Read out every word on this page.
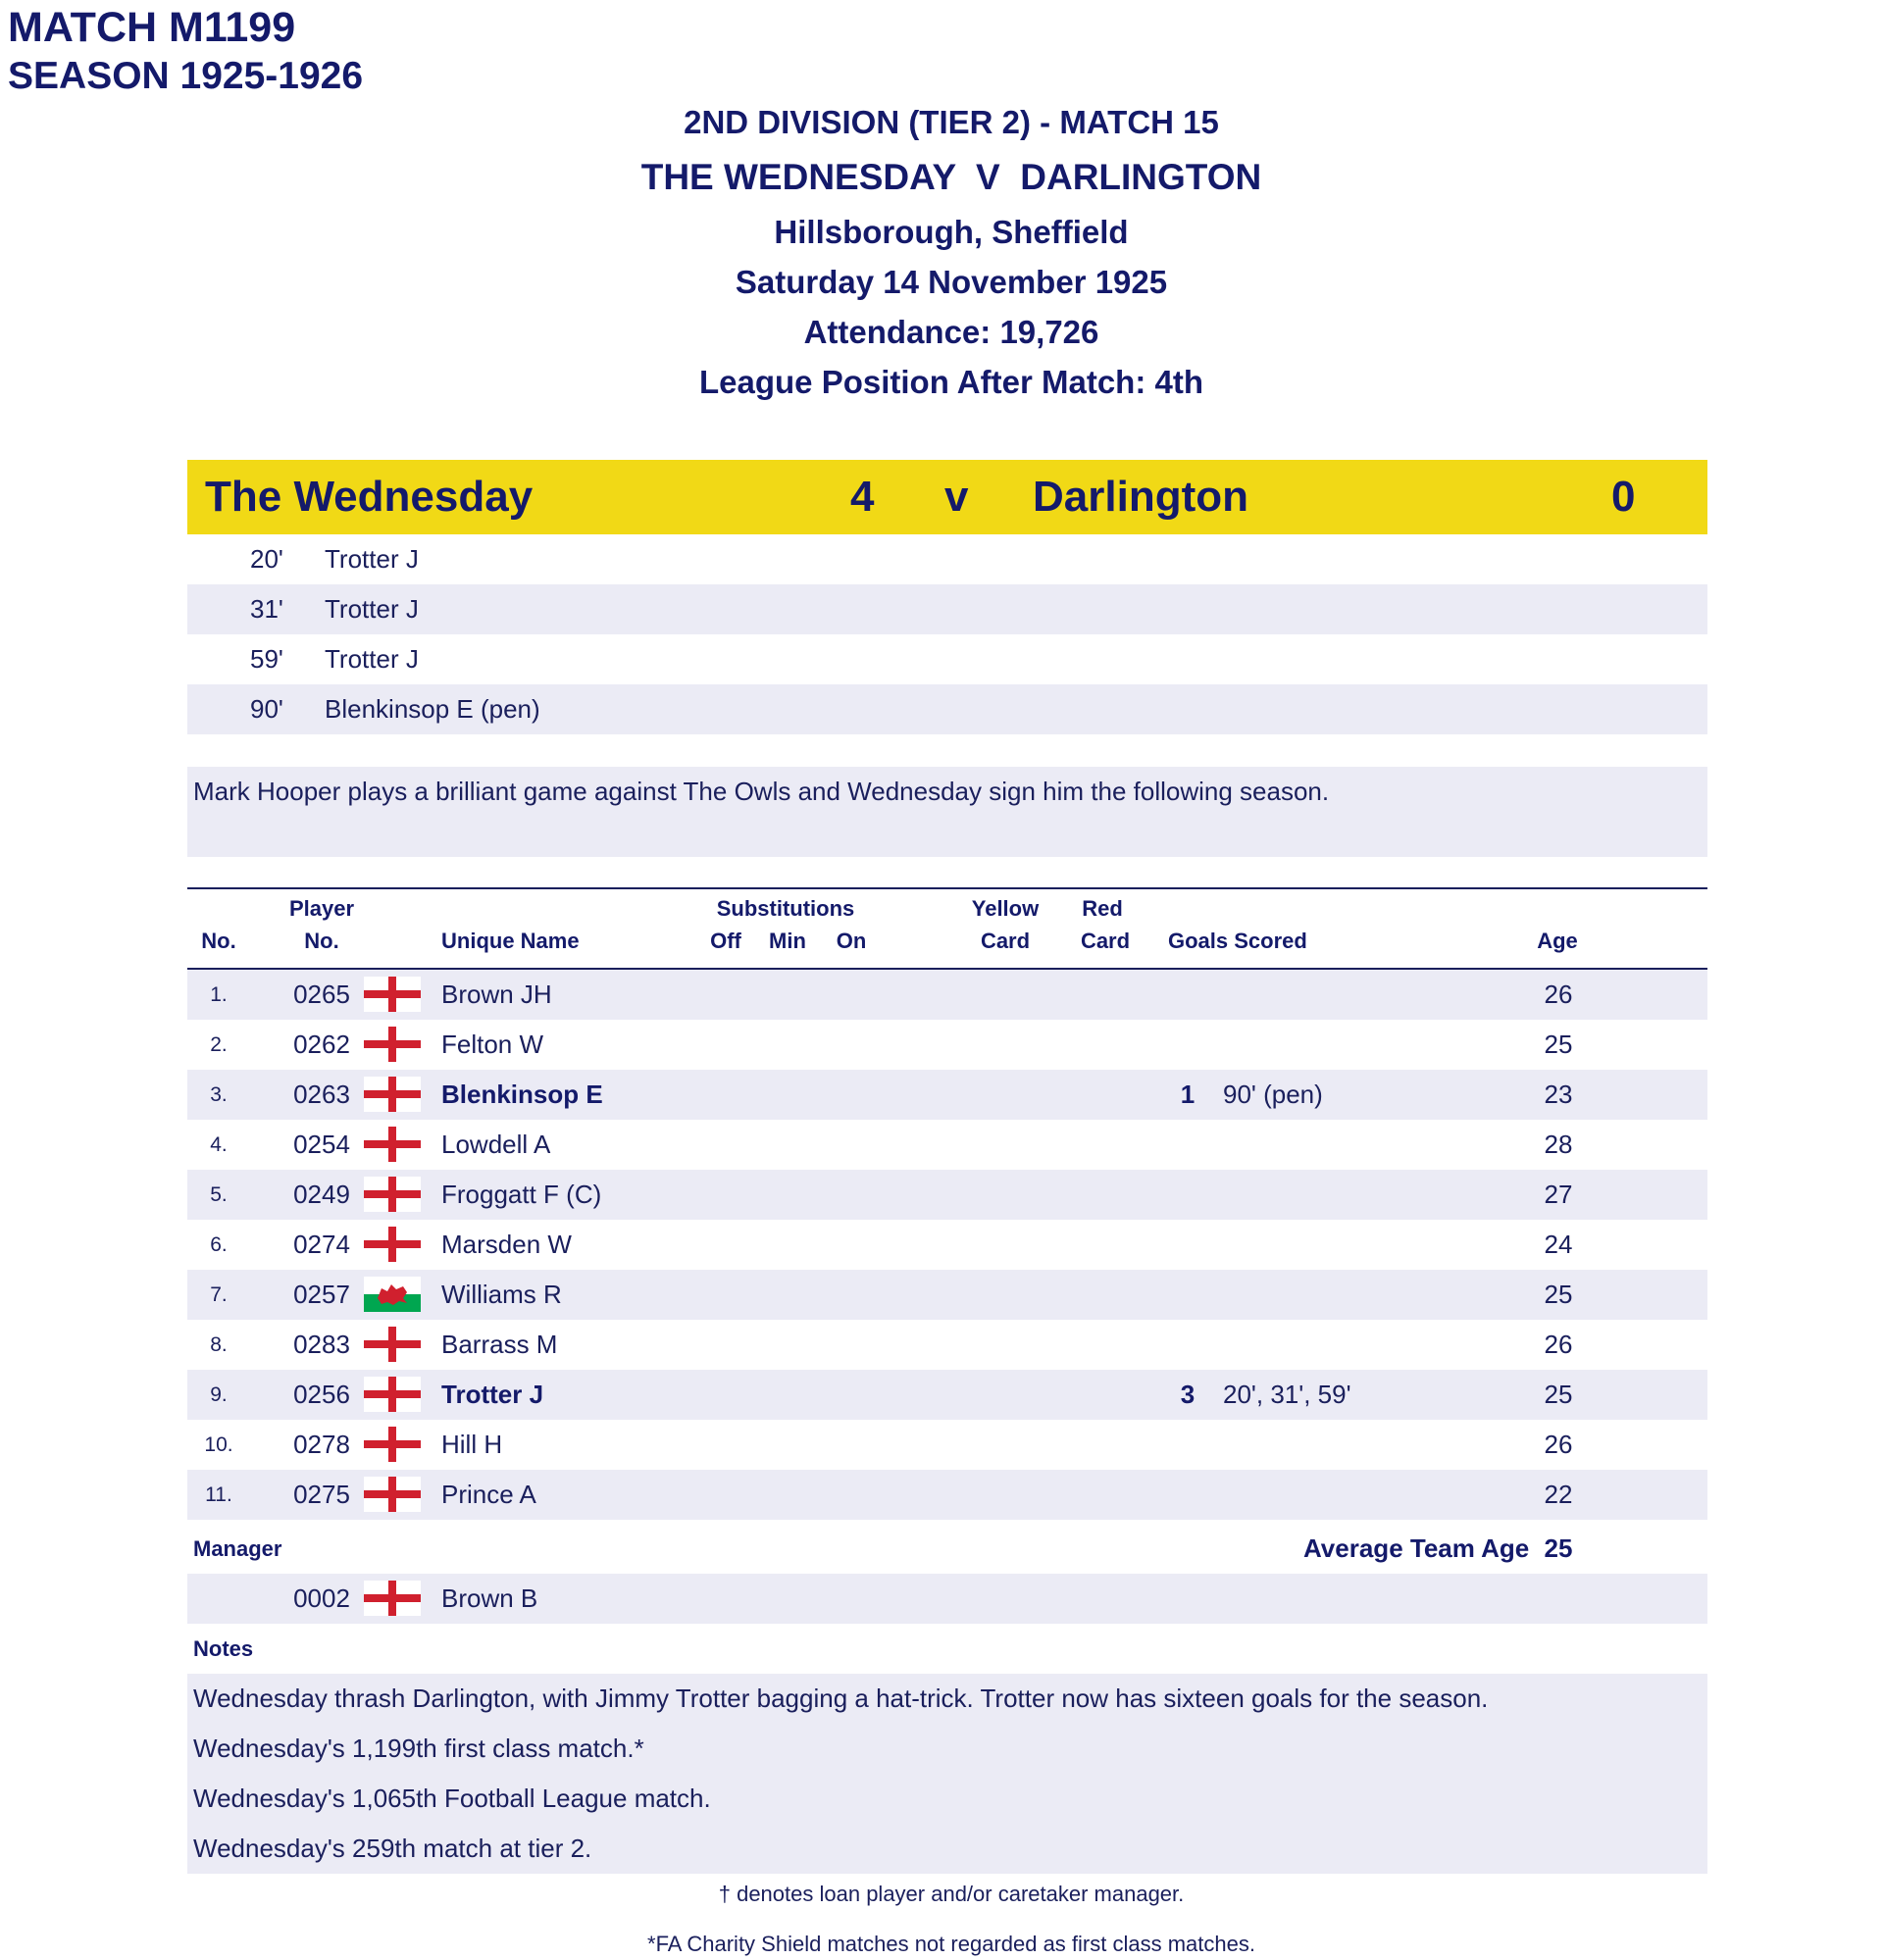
MATCH M1199
SEASON 1925-1926
2ND DIVISION (TIER 2) - MATCH 15
THE WEDNESDAY  V  DARLINGTON
Hillsborough, Sheffield
Saturday 14 November 1925
Attendance: 19,726
League Position After Match: 4th
The Wednesday	4 v Darlington	0
20' Trotter J
31' Trotter J
59' Trotter J
90' Blenkinsop E (pen)
Mark Hooper plays a brilliant game against The Owls and Wednesday sign him the following season.
No.
Player
No.	Unique Name
Substitutions
Off	Min	On
Yellow
Card
Red
Card	Goals Scored	Age
1.	0265	Brown JH	26
2.	0262	Felton W	25
3.	0263	Blenkinsop E	1 90' (pen)	23
4.	0254	Lowdell A	28
5.	0249	Froggatt F (C)	27
6.	0274	Marsden W	24
7.	0257	Williams R	25
8.	0283	Barrass M	26
9.	0256	Trotter J	3 20', 31', 59'	25
10.	0278	Hill H	26
11.	0275	Prince A	22
Manager	Average Team Age 25
0002	Brown B
Notes
Wednesday thrash Darlington, with Jimmy Trotter bagging a hat-trick. Trotter now has sixteen goals for the season.
Wednesday's 1,199th first class match.*
Wednesday's 1,065th Football League match.
Wednesday's 259th match at tier 2.
† denotes loan player and/or caretaker manager.
*FA Charity Shield matches not regarded as first class matches.
